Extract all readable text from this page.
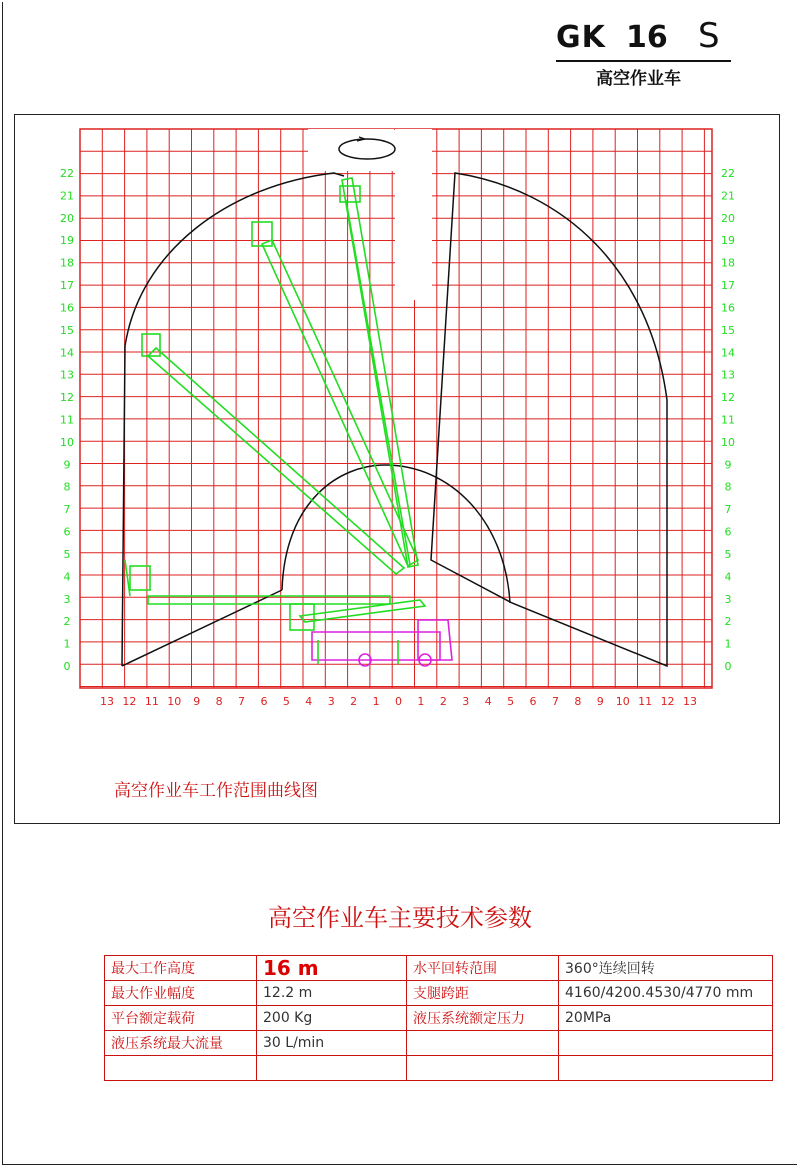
GK 16 S
高空作业车
0
1
2
3
4
5
6
7
8
9
10
11
12
13
14
15
16
17
18
19
20
21
22
0
1
2
3
4
5
6
7
8
9
10
11
12
13
14
15
16
17
18
19
20
21
22
13 12 11 10 9 8 7 6 5 4 3 2 1 0 1 2 3 4 5 6 7 8 9 10 11 12 13
高空作业车工作范围曲线图
高空作业车主要技术参数
最大工作高度	16 m	水平回转范围	360°连续回转
最大作业幅度	12.2 m	支腿跨距	4160/4200.4530/4770 mm
平台额定载荷	200 Kg	液压系统额定压力	20MPa
液压系统最大流量	30 L/min		
